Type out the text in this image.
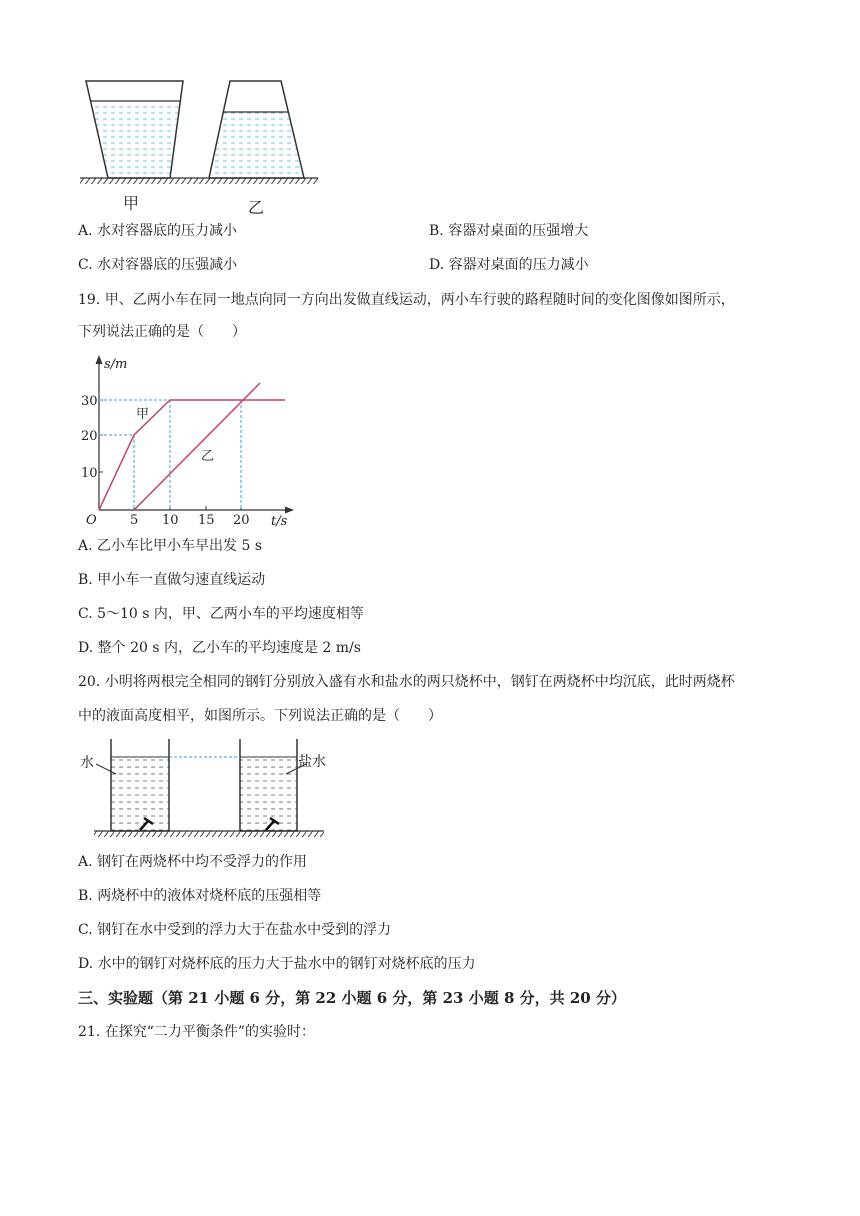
甲	乙
A. 水对容器底的压力减小	B. 容器对桌面的压强增大
C. 水对容器底的压强减小	D. 容器对桌面的压力减小
19. 甲、乙两小车在同一地点向同一方向出发做直线运动，两小车行驶的路程随时间的变化图像如图所示，
下列说法正确的是（　　）
s/m
t/s
O	5 10 15 20
10
20
30
甲
乙
A. 乙小车比甲小车早出发 5 s
B. 甲小车一直做匀速直线运动
C. 5～10 s 内，甲、乙两小车的平均速度相等
D. 整个 20 s 内，乙小车的平均速度是 2 m/s
20. 小明将两根完全相同的钢钉分别放入盛有水和盐水的两只烧杯中，钢钉在两烧杯中均沉底，此时两烧杯
中的液面高度相平，如图所示。下列说法正确的是（　　）
水	盐水
A. 钢钉在两烧杯中均不受浮力的作用
B. 两烧杯中的液体对烧杯底的压强相等
C. 钢钉在水中受到的浮力大于在盐水中受到的浮力
D. 水中的钢钉对烧杯底的压力大于盐水中的钢钉对烧杯底的压力
三、实验题（第 21 小题 6 分，第 22 小题 6 分，第 23 小题 8 分，共 20 分）
21. 在探究“二力平衡条件”的实验时：
